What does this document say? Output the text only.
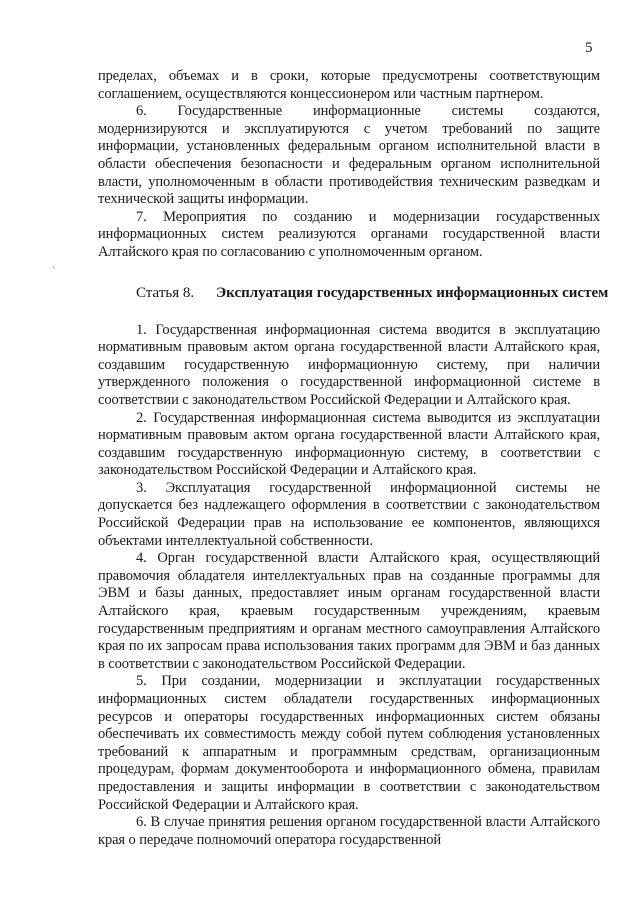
5
·

пределах, объемах и в сроки, которые предусмотрены соответствующим соглашением, осуществляются концессионером или частным партнером.

6. Государственные информационные системы создаются, модернизируются и эксплуатируются с учетом требований по защите информации, установленных федеральным органом исполнительной власти в области обеспечения безопасности и федеральным органом исполнительной власти, уполномоченным в области противодействия техническим разведкам и технической защиты информации.

7. Мероприятия по созданию и модернизации государственных информационных систем реализуются органами государственной власти Алтайского края по согласованию с уполномоченным органом.

Статья 8. Эксплуатация государственных информационных систем

1. Государственная информационная система вводится в эксплуатацию нормативным правовым актом органа государственной власти Алтайского края, создавшим государственную информационную систему, при наличии утвержденного положения о государственной информационной системе в соответствии с законодательством Российской Федерации и Алтайского края.

2. Государственная информационная система выводится из эксплуатации нормативным правовым актом органа государственной власти Алтайского края, создавшим государственную информационную систему, в соответствии с законодательством Российской Федерации и Алтайского края.

3. Эксплуатация государственной информационной системы не допускается без надлежащего оформления в соответствии с законодательством Российской Федерации прав на использование ее компонентов, являющихся объектами интеллектуальной собственности.

4. Орган государственной власти Алтайского края, осуществляющий правомочия обладателя интеллектуальных прав на созданные программы для ЭВМ и базы данных, предоставляет иным органам государственной власти Алтайского края, краевым государственным учреждениям, краевым государственным предприятиям и органам местного самоуправления Алтайского края по их запросам права использования таких программ для ЭВМ и баз данных в соответствии с законодательством Российской Федерации.

5. При создании, модернизации и эксплуатации государственных информационных систем обладатели государственных информационных ресурсов и операторы государственных информационных систем обязаны обеспечивать их совместимость между собой путем соблюдения установленных требований к аппаратным и программным средствам, организационным процедурам, формам документооборота и информационного обмена, правилам предоставления и защиты информации в соответствии с законодательством Российской Федерации и Алтайского края.

6. В случае принятия решения органом государственной власти Алтайского края о передаче полномочий оператора государственной
